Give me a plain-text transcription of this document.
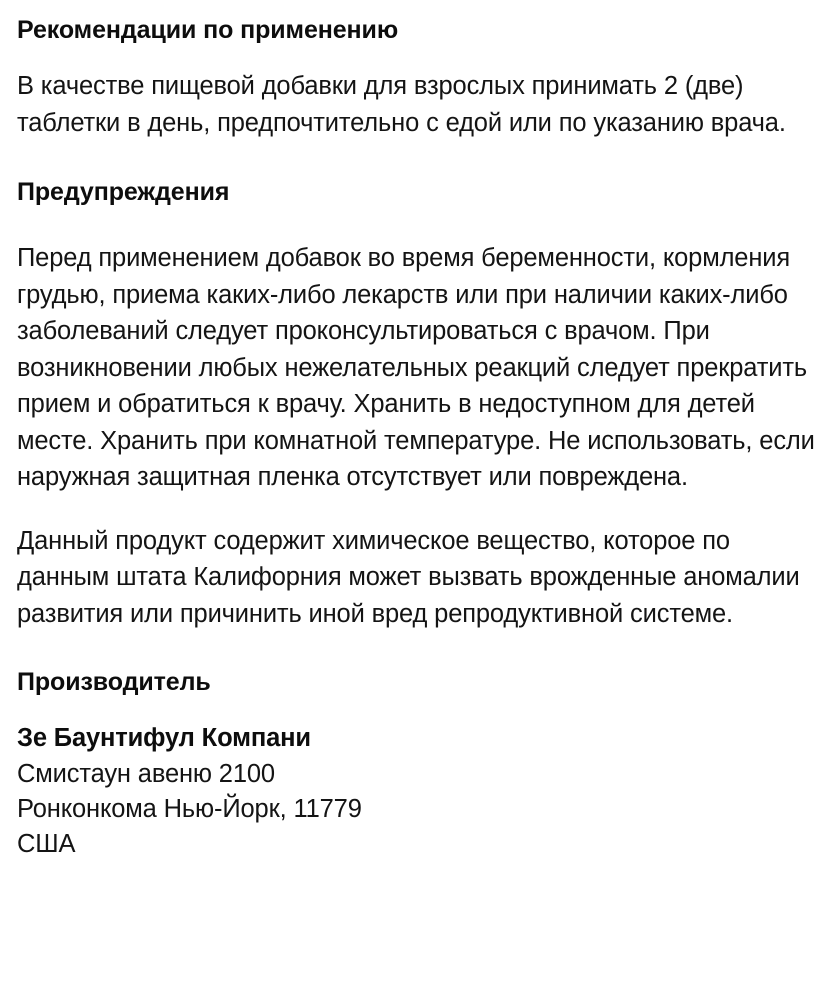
Рекомендации по применению

В качестве пищевой добавки для взрослых принимать 2 (две) таблетки в день, предпочтительно с едой или по указанию врача.

Предупреждения

Перед применением добавок во время беременности, кормления грудью, приема каких-либо лекарств или при наличии каких-либо заболеваний следует проконсультироваться с врачом. При возникновении любых нежелательных реакций следует прекратить прием и обратиться к врачу. Хранить в недоступном для детей месте. Хранить при комнатной температуре. Не использовать, если наружная защитная пленка отсутствует или повреждена.

Данный продукт содержит химическое вещество, которое по данным штата Калифорния может вызвать врожденные аномалии развития или причинить иной вред репродуктивной системе.

Производитель
Зе Баунтифул Компани
Смистаун авеню 2100
Ронконкома Нью-Йорк, 11779
США
